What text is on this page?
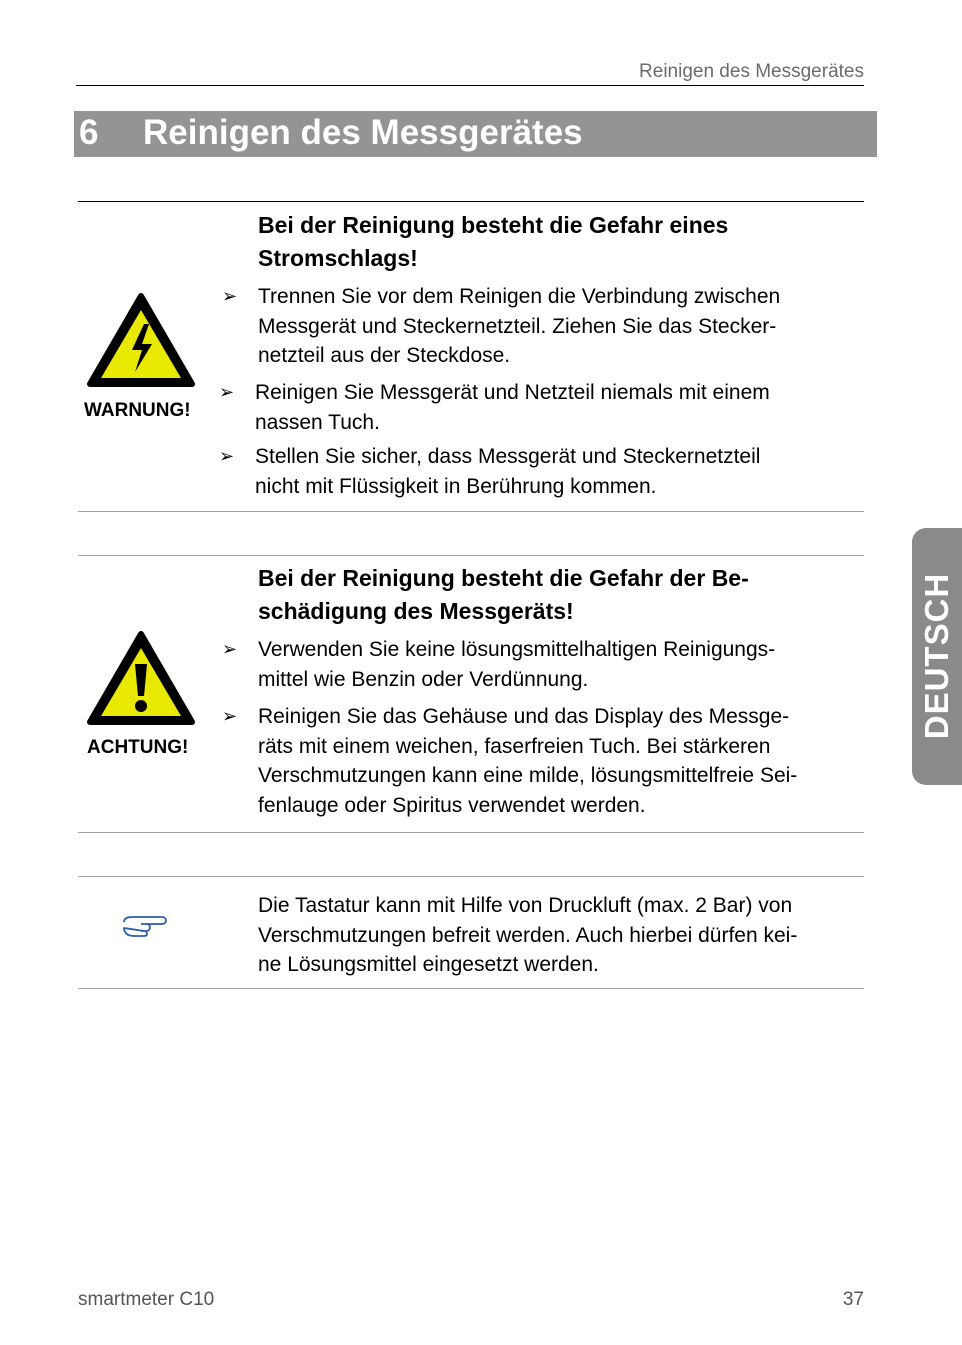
Reinigen des Messgerätes
6 Reinigen des Messgerätes
WARNUNG!
Bei der Reinigung besteht die Gefahr eines
Stromschlags!
➢ Trennen Sie vor dem Reinigen die Verbindung zwischen
Messgerät und Steckernetzteil. Ziehen Sie das Stecker-
netzteil aus der Steckdose.
➢ Reinigen Sie Messgerät und Netzteil niemals mit einem
nassen Tuch.
➢ Stellen Sie sicher, dass Messgerät und Steckernetzteil
nicht mit Flüssigkeit in Berührung kommen.
ACHTUNG!
Bei der Reinigung besteht die Gefahr der Be-
schädigung des Messgeräts!
➢ Verwenden Sie keine lösungsmittelhaltigen Reinigungs-
mittel wie Benzin oder Verdünnung.
➢ Reinigen Sie das Gehäuse und das Display des Messge-
räts mit einem weichen, faserfreien Tuch. Bei stärkeren
Verschmutzungen kann eine milde, lösungsmittelfreie Sei-
fenlauge oder Spiritus verwendet werden.
Die Tastatur kann mit Hilfe von Druckluft (max. 2 Bar) von
Verschmutzungen befreit werden. Auch hierbei dürfen kei-
ne Lösungsmittel eingesetzt werden.
DEUTSCH
smartmeter C10	37
